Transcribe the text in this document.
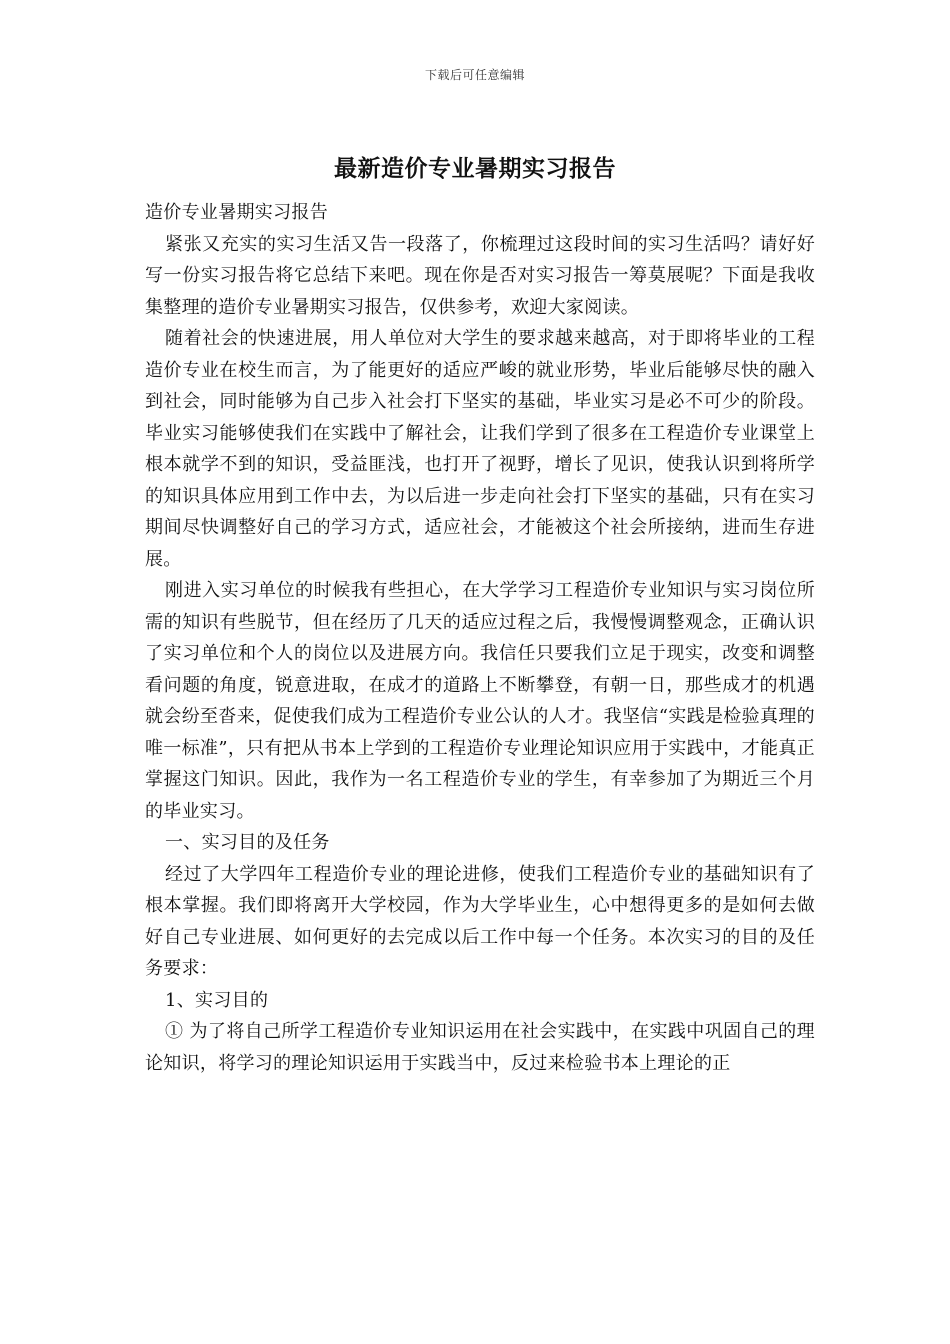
下载后可任意编辑
最新造价专业暑期实习报告

造价专业暑期实习报告

紧张又充实的实习生活又告一段落了，你梳理过这段时间的实习生活吗？请好好写一份实习报告将它总结下来吧。现在你是否对实习报告一筹莫展呢？下面是我收集整理的造价专业暑期实习报告，仅供参考，欢迎大家阅读。

随着社会的快速进展，用人单位对大学生的要求越来越高，对于即将毕业的工程造价专业在校生而言，为了能更好的适应严峻的就业形势，毕业后能够尽快的融入到社会，同时能够为自己步入社会打下坚实的基础，毕业实习是必不可少的阶段。毕业实习能够使我们在实践中了解社会，让我们学到了很多在工程造价专业课堂上根本就学不到的知识，受益匪浅，也打开了视野，增长了见识，使我认识到将所学的知识具体应用到工作中去，为以后进一步走向社会打下坚实的基础，只有在实习期间尽快调整好自己的学习方式，适应社会，才能被这个社会所接纳，进而生存进展。

刚进入实习单位的时候我有些担心，在大学学习工程造价专业知识与实习岗位所需的知识有些脱节，但在经历了几天的适应过程之后，我慢慢调整观念，正确认识了实习单位和个人的岗位以及进展方向。我信任只要我们立足于现实，改变和调整看问题的角度，锐意进取，在成才的道路上不断攀登，有朝一日，那些成才的机遇就会纷至沓来，促使我们成为工程造价专业公认的人才。我坚信“实践是检验真理的唯一标准”，只有把从书本上学到的工程造价专业理论知识应用于实践中，才能真正掌握这门知识。因此，我作为一名工程造价专业的学生，有幸参加了为期近三个月的毕业实习。

一、实习目的及任务

经过了大学四年工程造价专业的理论进修，使我们工程造价专业的基础知识有了根本掌握。我们即将离开大学校园，作为大学毕业生，心中想得更多的是如何去做好自己专业进展、如何更好的去完成以后工作中每一个任务。本次实习的目的及任务要求：

1、实习目的

① 为了将自己所学工程造价专业知识运用在社会实践中，在实践中巩固自己的理论知识，将学习的理论知识运用于实践当中，反过来检验书本上理论的正
